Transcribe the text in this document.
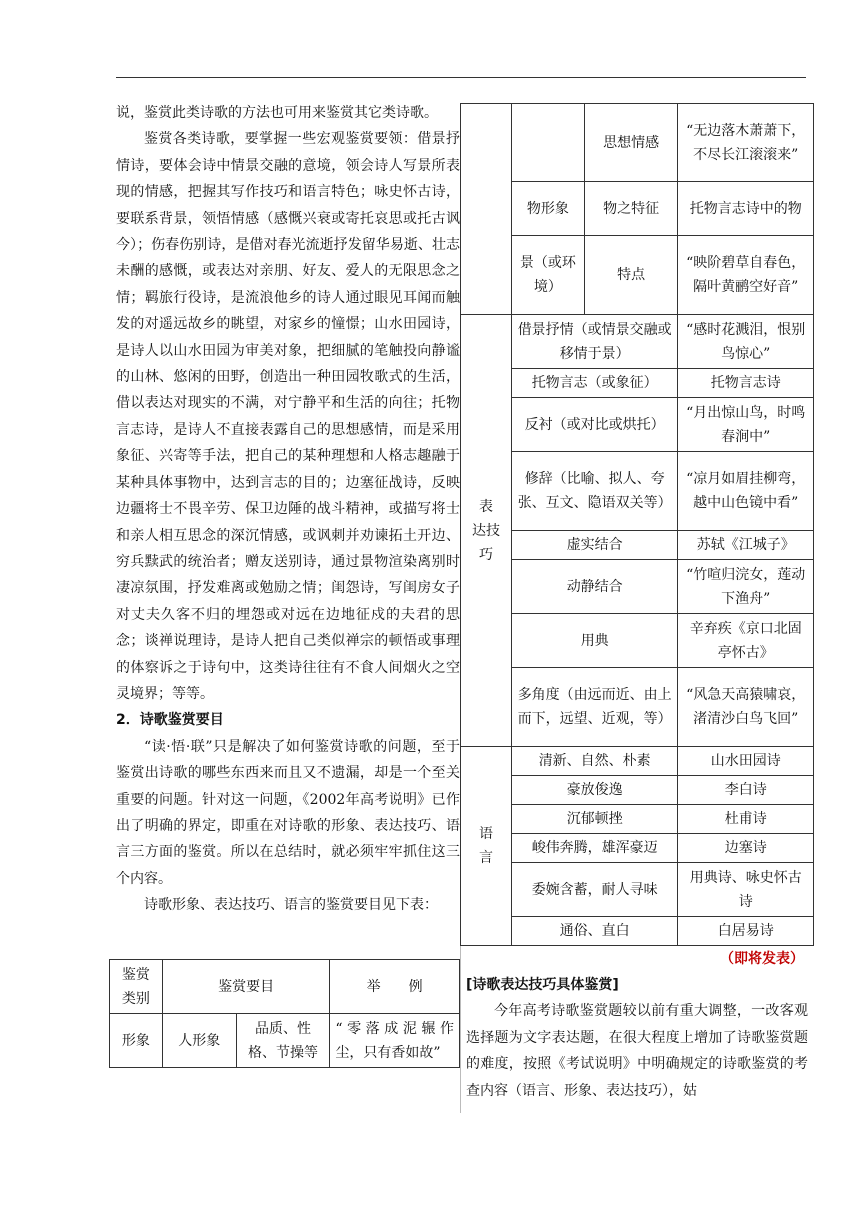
说，鉴赏此类诗歌的方法也可用来鉴赏其它类诗歌。

鉴赏各类诗歌，要掌握一些宏观鉴赏要领：借景抒情诗，要体会诗中情景交融的意境，领会诗人写景所表现的情感，把握其写作技巧和语言特色；咏史怀古诗，要联系背景，领悟情感（感慨兴衰或寄托哀思或托古讽今）；伤春伤别诗，是借对春光流逝抒发留华易逝、壮志未酬的感慨，或表达对亲朋、好友、爱人的无限思念之情；羁旅行役诗，是流浪他乡的诗人通过眼见耳闻而触发的对遥远故乡的眺望，对家乡的憧憬；山水田园诗，是诗人以山水田园为审美对象，把细腻的笔触投向静谧的山林、悠闲的田野，创造出一种田园牧歌式的生活，借以表达对现实的不满，对宁静平和生活的向往；托物言志诗，是诗人不直接表露自己的思想感情，而是采用象征、兴寄等手法，把自己的某种理想和人格志趣融于某种具体事物中，达到言志的目的；边塞征战诗，反映边疆将士不畏辛劳、保卫边陲的战斗精神，或描写将士和亲人相互思念的深沉情感，或讽刺并劝谏拓土开边、穷兵黩武的统治者；赠友送别诗，通过景物渲染离别时凄凉氛围，抒发难离或勉励之情；闺怨诗，写闺房女子对丈夫久客不归的埋怨或对远在边地征戍的夫君的思念；谈禅说理诗，是诗人把自己类似禅宗的顿悟或事理的体察诉之于诗句中，这类诗往往有不食人间烟火之空灵境界；等等。

2．诗歌鉴赏要目

“读·悟·联”只是解决了如何鉴赏诗歌的问题，至于鉴赏出诗歌的哪些东西来而且又不遗漏，却是一个至关重要的问题。针对这一问题，《2002年高考说明》已作出了明确的界定，即重在对诗歌的形象、表达技巧、语言三方面的鉴赏。所以在总结时，就必须牢牢抓住这三个内容。

诗歌形象、表达技巧、语言的鉴赏要目见下表：

鉴赏类别	鉴赏要目		举　　例
形象	人形象	品质、性格、节操等	“零落成泥辗作尘，只有香如故”
		思想情感	“无边落木萧萧下，不尽长江滚滚来”
	物形象	物之特征	托物言志诗中的物
	景（或环境）	特点	“映阶碧草自春色，隔叶黄鹂空好音”
表　达技巧	借景抒情（或情景交融或移情于景）		“感时花溅泪，恨别鸟惊心”
	托物言志（或象征）		托物言志诗
	反衬（或对比或烘托）		“月出惊山鸟，时鸣春涧中”
	修辞（比喻、拟人、夸张、互文、隐语双关等）		“凉月如眉挂柳弯，越中山色镜中看”
	虚实结合		苏轼《江城子》
	动静结合		“竹喧归浣女，莲动下渔舟”
	用典		辛弃疾《京口北固亭怀古》
	多角度（由远而近、由上而下，远望、近观，等）		“风急天高猿啸哀，渚清沙白鸟飞回”
语　言	清新、自然、朴素		山水田园诗
	豪放俊逸		李白诗
	沉郁顿挫		杜甫诗
	峻伟奔腾，雄浑豪迈		边塞诗
	委婉含蓄，耐人寻味		用典诗、咏史怀古诗
	通俗、直白		白居易诗
（即将发表）
[诗歌表达技巧具体鉴赏]

今年高考诗歌鉴赏题较以前有重大调整，一改客观选择题为文字表达题，在很大程度上增加了诗歌鉴赏题的难度，按照《考试说明》中明确规定的诗歌鉴赏的考查内容（语言、形象、表达技巧），姑
